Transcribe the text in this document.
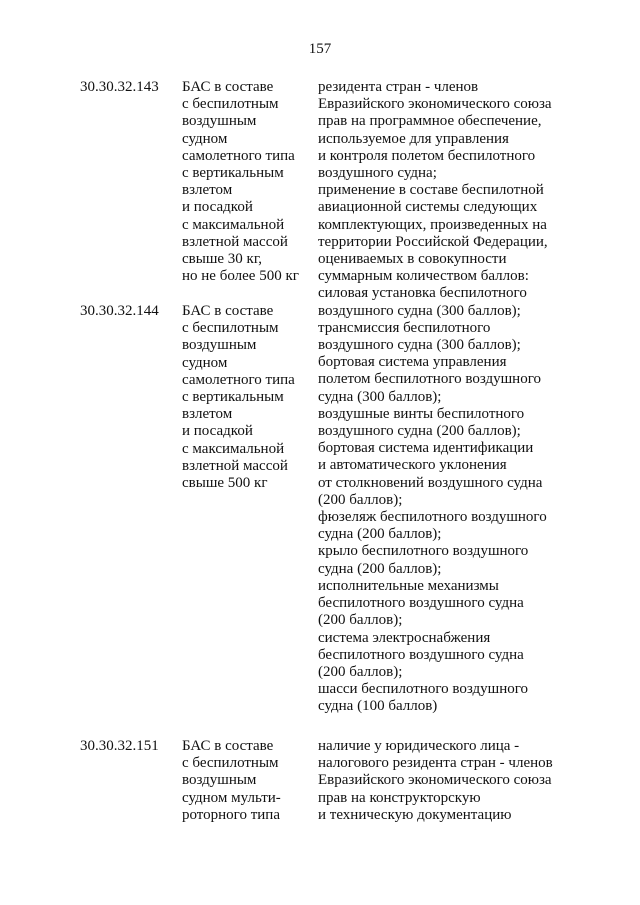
157
30.30.32.143 БАС в составе
с беспилотным
воздушным
судном
самолетного типа
с вертикальным
взлетом
и посадкой
с максимальной
взлетной массой
свыше 30 кг,
но не более 500 кг
резидента стран - членов
Евразийского экономического союза
прав на программное обеспечение,
используемое для управления
и контроля полетом беспилотного
воздушного судна;
применение в составе беспилотной
авиационной системы следующих
комплектующих, произведенных на
территории Российской Федерации,
оцениваемых в совокупности
суммарным количеством баллов:
силовая установка беспилотного
воздушного судна (300 баллов);
трансмиссия беспилотного
воздушного судна (300 баллов);
бортовая система управления
полетом беспилотного воздушного
судна (300 баллов);
воздушные винты беспилотного
воздушного судна (200 баллов);
бортовая система идентификации
и автоматического уклонения
от столкновений воздушного судна
(200 баллов);
фюзеляж беспилотного воздушного
судна (200 баллов);
крыло беспилотного воздушного
судна (200 баллов);
исполнительные механизмы
беспилотного воздушного судна
(200 баллов);
система электроснабжения
беспилотного воздушного судна
(200 баллов);
шасси беспилотного воздушного
судна (100 баллов)
30.30.32.144 БАС в составе
с беспилотным
воздушным
судном
самолетного типа
с вертикальным
взлетом
и посадкой
с максимальной
взлетной массой
свыше 500 кг
30.30.32.151 БАС в составе
с беспилотным
воздушным
судном мульти-
роторного типа
наличие у юридического лица -
налогового резидента стран - членов
Евразийского экономического союза
прав на конструкторскую
и техническую документацию
